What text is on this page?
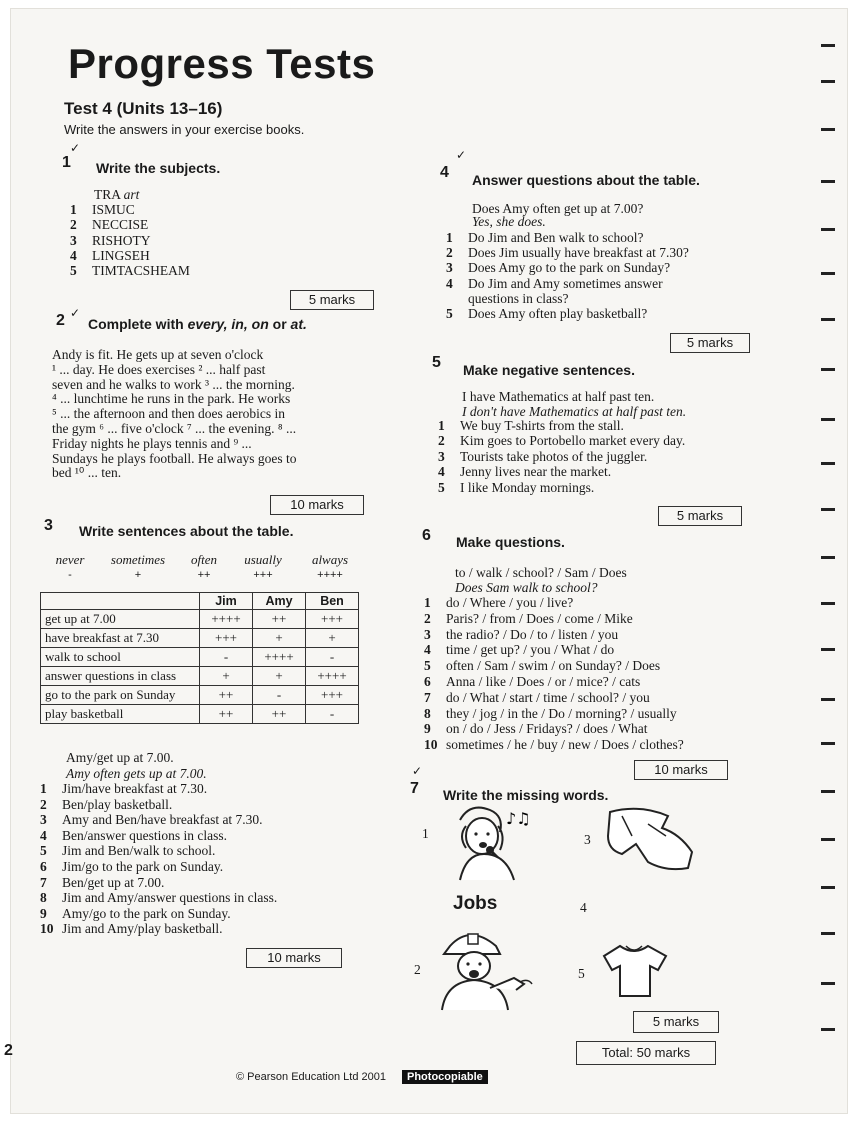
Progress Tests
Test 4 (Units 13–16)
Write the answers in your exercise books.
✓
1 Write the subjects.
TRA art
1 ISMUC
2 NECCISE
3 RISHOTY
4 LINGSEH
5 TIMTACSHEAM
5 marks
✓
2 Complete with every, in, on or at.
Andy is fit. He gets up at seven o'clock
¹ ... day. He does exercises ² ... half past
seven and he walks to work ³ ... the morning.
⁴ ... lunchtime he runs in the park. He works
⁵ ... the afternoon and then does aerobics in
the gym ⁶ ... five o'clock ⁷ ... the evening. ⁸ ...
Friday nights he plays tennis and ⁹ ...
Sundays he plays football. He always goes to
bed ¹⁰ ... ten.
10 marks
3 Write sentences about the table.
never
-
sometimes
+
often
++
usually
+++
always
++++
	Jim	Amy	Ben
get up at 7.00	++++	++	+++
have breakfast at 7.30	+++	+	+
walk to school	-	++++	-
answer questions in class	+	+	++++
go to the park on Sunday	++	-	+++
play basketball	++	++	-
Amy/get up at 7.00.
Amy often gets up at 7.00.
1 Jim/have breakfast at 7.30.
2 Ben/play basketball.
3 Amy and Ben/have breakfast at 7.30.
4 Ben/answer questions in class.
5 Jim and Ben/walk to school.
6 Jim/go to the park on Sunday.
7 Ben/get up at 7.00.
8 Jim and Amy/answer questions in class.
9 Amy/go to the park on Sunday.
10 Jim and Amy/play basketball.
10 marks
✓
4 Answer questions about the table.
Does Amy often get up at 7.00?
Yes, she does.
1 Do Jim and Ben walk to school?
2 Does Jim usually have breakfast at 7.30?
3 Does Amy go to the park on Sunday?
4 Do Jim and Amy sometimes answer
questions in class?
5 Does Amy often play basketball?
5 marks
5 Make negative sentences.
I have Mathematics at half past ten.
I don't have Mathematics at half past ten.
1 We buy T-shirts from the stall.
2 Kim goes to Portobello market every day.
3 Tourists take photos of the juggler.
4 Jenny lives near the market.
5 I like Monday mornings.
5 marks
6 Make questions.
to / walk / school? / Sam / Does
Does Sam walk to school?
1 do / Where / you / live?
2 Paris? / from / Does / come / Mike
3 the radio? / Do / to / listen / you
4 time / get up? / you / What / do
5 often / Sam / swim / on Sunday? / Does
6 Anna / like / Does / or / mice? / cats
7 do / What / start / time / school? / you
8 they / jog / in the / Do / morning? / usually
9 on / do / Jess / Fridays? / does / What
10 sometimes / he / buy / new / Does / clothes?
10 marks
✓
7 Write the missing words.
Jobs
1
2
3
4
5
♪♫
5 marks
Total: 50 marks
© Pearson Education Ltd 2001	Photocopiable
2
